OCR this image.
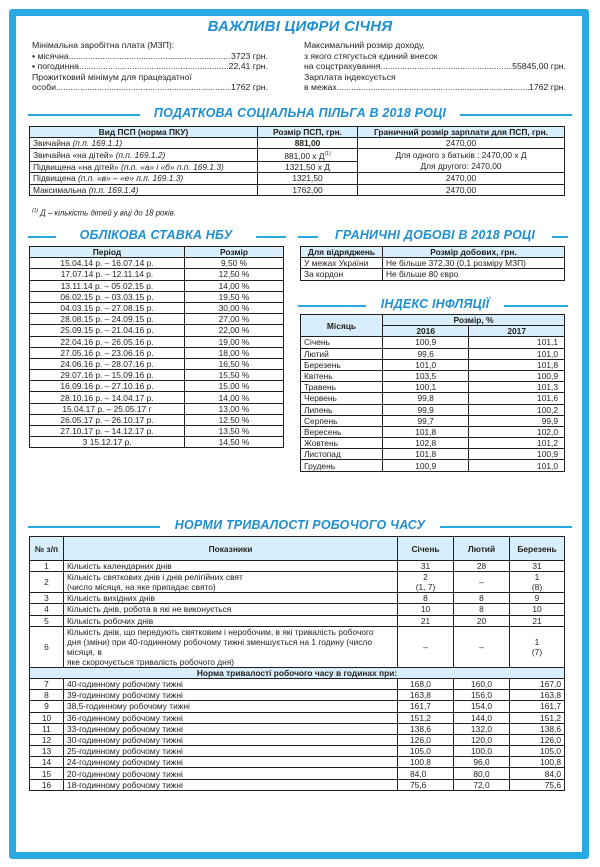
ВАЖЛИВІ ЦИФРИ СІЧНЯ
Мінімальна заробітна плата (МЗП):
▪ місячна .....	3723 грн.
▪ погодинна .....	22,41 грн.
Прожитковий мінімум для працездатної
особи .....	1762 грн.
Максимальний розмір доходу,
з якого стягується єдиний внесок
на соцстрахування .....	55845,00 грн.
Зарплата індексується
в межах .....	1762 грн.
ПОДАТКОВА СОЦІАЛЬНА ПІЛЬГА В 2018 РОЦІ
Вид ПСП (норма ПКУ)	Розмір ПСП, грн.	Граничний розмір зарплати для ПСП, грн.
Звичайна (п.п. 169.1.1)	881,00	2470,00
Звичайна «на дітей» (п.п. 169.1.2)	881,00 х $Д^{(1)}$	Для одного з батьків : 2470,00 х Д
Для другого: 2470,00

Підвищена «на дітей» (п.п. «а» і «б» п.п. 169.1.3)	1321,50 х Д	
Підвищена (п.п. «в» – «е» п.п. 169.1.3)	1321,50	2470,00
Максимальна (п.п. 169.1.4)	1762,00	2470,00
$^{(1)}$ Д – кількість дітей у віці до 18 років.
ОБЛІКОВА СТАВКА НБУ
Період	Розмір
15.04.14 р. – 16.07.14 р.	9,50 %
17.07.14 р. – 12.11.14 р.	12,50 %
13.11.14 р. – 05.02.15 р.	14,00 %
06.02.15 р. – 03.03.15 р.	19,50 %
04.03.15 р. – 27.08.15 р.	30,00 %
28.08.15 р. – 24.09.15 р.	27,00 %
25.09.15 р. – 21.04.16 р.	22,00 %
22.04.16 р. – 26.05.16 р.	19,00 %
27.05.16 р. – 23.06.16 р.	18,00 %
24.06.16 р. – 28.07.16 р.	16,50 %
29.07.16 р. – 15.09.16 р.	15,50 %
16.09.16 р. – 27.10.16 р.	15,00 %
28.10.16 р. – 14.04.17 р.	14,00 %
15.04.17 р. – 25.05.17 г	13,00 %
26.05.17 р. – 26.10.17 р.	12.50 %
27.10.17 р. – 14.12.17 р.	13,50 %
З 15.12.17 р.	14,50 %
ГРАНИЧНІ ДОБОВІ В 2018 РОЦІ
Для відряджень	Розмір добових, грн.
У межах України	Не більше 372,30 (0,1 розміру МЗП)
За кордон	Не більше 80 євро
ІНДЕКС ІНФЛЯЦІЇ
Місяць	Розмір, %	
	2016	2017
Січень	100,9	101,1
Лютий	99,6	101,0
Березень	101,0	101,8
Квітень	103,5	100,9
Травень	100,1	101,3
Червень	99,8	101,6
Липень	99,9	100,2
Серпень	99,7	99,9
Вересень	101,8	102,0
Жовтень	102,8	101,2
Листопад	101,8	100,9
Грудень	100,9	101,0
НОРМИ ТРИВАЛОСТІ РОБОЧОГО ЧАСУ
№ з/п	Показники	Січень	Лютий	Березень
1	Кількість календарних днів	31	28	31
2	Кількість святкових днів і днів релігійних свят
(число місяця, на яке припадає свято)	2
(1, 7)	–	1
(8)
3	Кількість вихідних днів	8	8	9
4	Кількість днів, робота в які не виконується	10	8	10
5	Кількість робочих днів	21	20	21
6	Кількість днів, що передують святковим і неробочим, в які тривалість робочого
дня (зміни) при 40-годинному робочому тижні зменшується на 1 годину (число місяця, в
яке скорочується тривалість робочого дня)	–	–	1
(7)
Норма тривалості робочого часу в годинах при:				
7	40-годинному робочому тижні	168,0	160,0	167,0
8	39-годинному робочому тижні	163,8	156,0	163,8
9	38,5-годинному робочому тижні	161,7	154,0	161,7
10	36-годинному робочому тижні	151,2	144,0	151,2
11	33-годинному робочому тижні	138,6	132,0	138,6
12	30-годинному робочому тижні	126,0	120,0	126,0
13	25-годинному робочому тижні	105,0	100,0	105,0
14	24-годинному робочому тижні	100,8	96,0	100,8
15	20-годинному робочому тижні	84,0	80,0	84,0
16	18-годинному робочому тижні	75,6	72,0	75,6
